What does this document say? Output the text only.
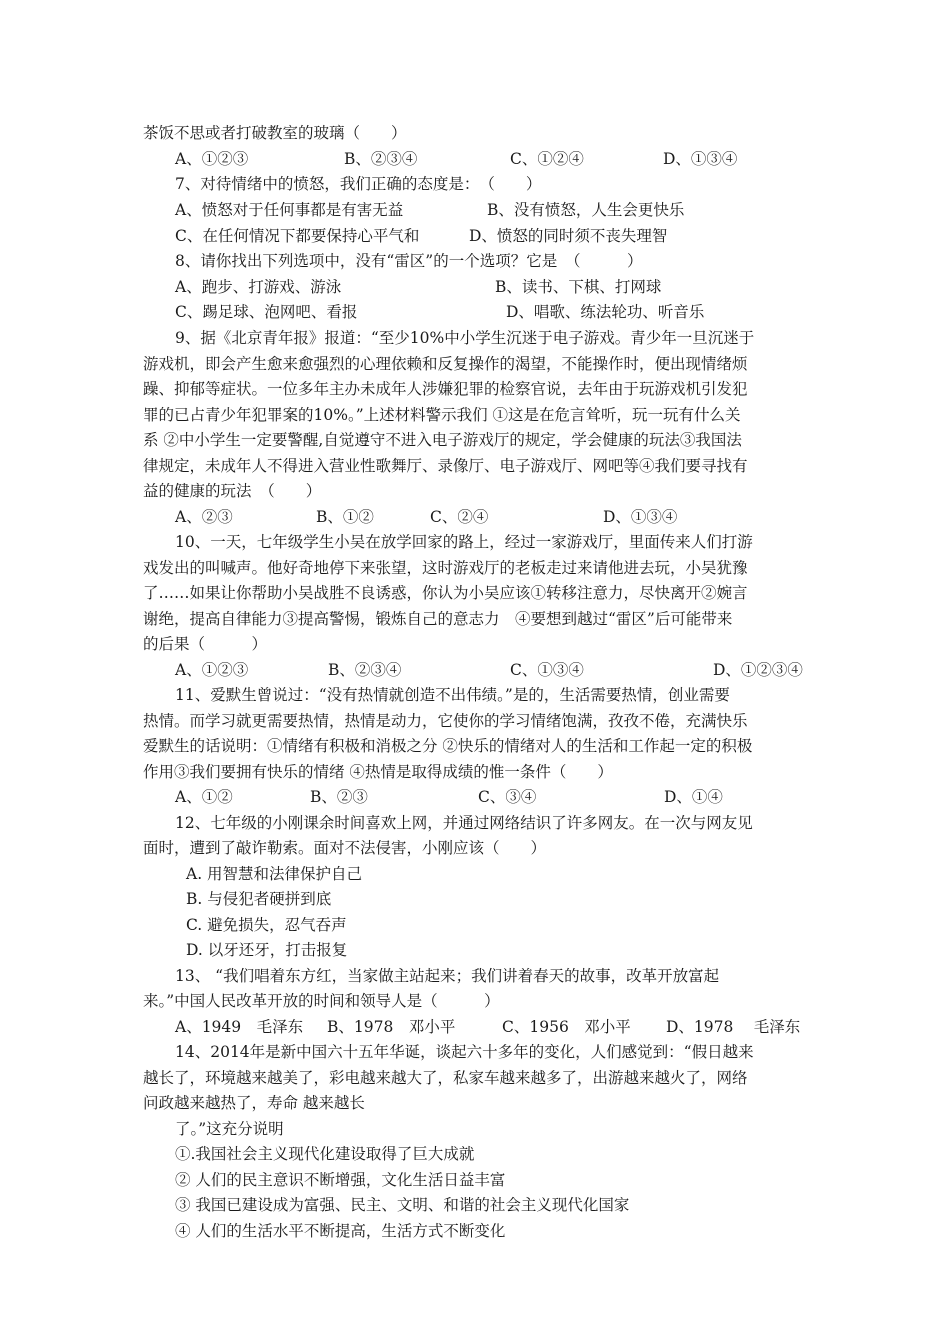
茶饭不思或者打破教室的玻璃（　　）
A、①②③	B、②③④	C、①②④	D、①③④
7、对待情绪中的愤怒，我们正确的态度是：　（　　）
A、愤怒对于任何事都是有害无益	B、没有愤怒，人生会更快乐
C、在任何情况下都要保持心平气和	D、愤怒的同时须不丧失理智
8、请你找出下列选项中，没有“雷区”的一个选项？它是　（　　　）
A、跑步、打游戏、游泳	B、读书、下棋、打网球
C、踢足球、泡网吧、看报	D、唱歌、练法轮功、听音乐
9、据《北京青年报》报道：“至少10%中小学生沉迷于电子游戏。青少年一旦沉迷于
游戏机，即会产生愈来愈强烈的心理依赖和反复操作的渴望，不能操作时，便出现情绪烦
躁、抑郁等症状。一位多年主办未成年人涉嫌犯罪的检察官说，去年由于玩游戏机引发犯
罪的已占青少年犯罪案的10%。”上述材料警示我们 ①这是在危言耸听，玩一玩有什么关
系 ②中小学生一定要警醒,自觉遵守不进入电子游戏厅的规定，学会健康的玩法③我国法
律规定，未成年人不得进入营业性歌舞厅、录像厅、电子游戏厅、网吧等④我们要寻找有
益的健康的玩法　（　　）
A、②③	B、①②	C、②④	D、①③④
10、一天，七年级学生小吴在放学回家的路上，经过一家游戏厅，里面传来人们打游
戏发出的叫喊声。他好奇地停下来张望，这时游戏厅的老板走过来请他进去玩，小吴犹豫
了……如果让你帮助小吴战胜不良诱惑，你认为小吴应该①转移注意力，尽快离开②婉言
谢绝，提高自律能力③提高警惕，锻炼自己的意志力　④要想到越过“雷区”后可能带来
的后果（　　　）
A、①②③	B、②③④	C、①③④	D、①②③④
11、爱默生曾说过：“没有热情就创造不出伟绩。”是的，生活需要热情，创业需要
热情。而学习就更需要热情，热情是动力，它使你的学习情绪饱满，孜孜不倦，充满快乐
爱默生的话说明：①情绪有积极和消极之分 ②快乐的情绪对人的生活和工作起一定的积极
作用③我们要拥有快乐的情绪 ④热情是取得成绩的惟一条件（　　）
A、①②	B、②③	C、③④	D、①④
12、七年级的小刚课余时间喜欢上网，并通过网络结识了许多网友。在一次与网友见
面时，遭到了敲诈勒索。面对不法侵害，小刚应该（　　）
A. 用智慧和法律保护自己
B. 与侵犯者硬拼到底
C. 避免损失，忍气吞声
D. 以牙还牙，打击报复
13、 “我们唱着东方红，当家做主站起来；我们讲着春天的故事，改革开放富起
来。”中国人民改革开放的时间和领导人是（　　　）
A、1949　毛泽东 B、1978　邓小平	C、1956　邓小平 D、1978　 毛泽东
14、2014年是新中国六十五年华诞，谈起六十多年的变化，人们感觉到：“假日越来
越长了，环境越来越美了，彩电越来越大了，私家车越来越多了，出游越来越火了，网络
问政越来越热了，寿命 越来越长
了。”这充分说明
①.我国社会主义现代化建设取得了巨大成就
② 人们的民主意识不断增强，文化生活日益丰富
③ 我国已建设成为富强、民主、文明、和谐的社会主义现代化国家
④ 人们的生活水平不断提高，生活方式不断变化
